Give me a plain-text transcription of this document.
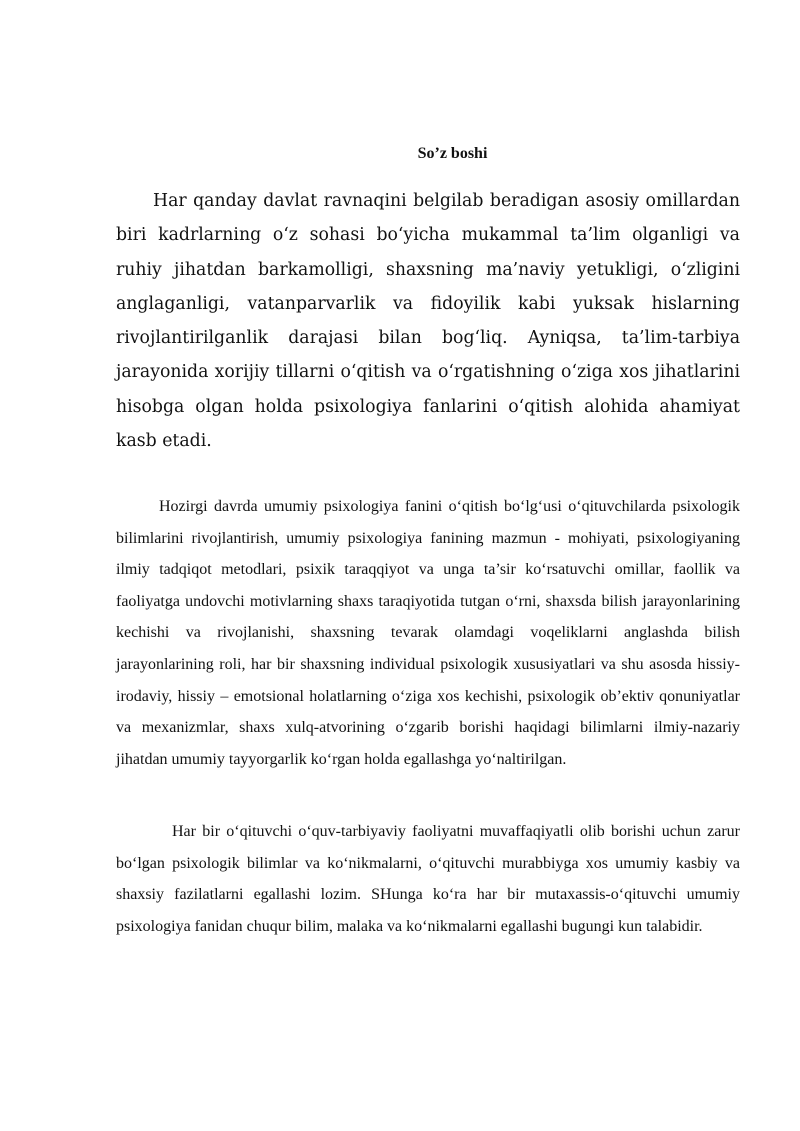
So’z boshi

Har qanday davlat ravnaqini belgilab beradigan asosiy omillardan biri kadrlarning o‘z sohasi bo‘yicha mukammal ta’lim olganligi va ruhiy jihatdan barkamolligi, shaxsning ma’naviy yetukligi, o‘zligini anglaganligi, vatanparvarlik va fidoyilik kabi yuksak hislarning rivojlantirilganlik darajasi bilan bog‘liq. Ayniqsa, ta’lim-tarbiya jarayonida xorijiy tillarni o‘qitish va o‘rgatishning o‘ziga xos jihatlarini hisobga olgan holda psixologiya fanlarini o‘qitish alohida ahamiyat kasb etadi.

Hozirgi davrda umumiy psixologiya fanini o‘qitish bo‘lg‘usi o‘qituvchilarda psixologik bilimlarini rivojlantirish, umumiy psixologiya fanining mazmun - mohiyati, psixologiyaning ilmiy tadqiqot metodlari, psixik taraqqiyot va unga ta’sir ko‘rsatuvchi omillar, faollik va faoliyatga undovchi motivlarning shaxs taraqiyotida tutgan o‘rni, shaxsda bilish jarayonlarining kechishi va rivojlanishi, shaxsning tevarak olamdagi voqeliklarni anglashda bilish jarayonlarining roli, har bir shaxsning individual psixologik xususiyatlari va shu asosda hissiy-irodaviy, hissiy – emotsional holatlarning o‘ziga xos kechishi, psixologik ob’ektiv qonuniyatlar va mexanizmlar, shaxs xulq-atvorining o‘zgarib borishi haqidagi bilimlarni ilmiy-nazariy jihatdan umumiy tayyorgarlik ko‘rgan holda egallashga yo‘naltirilgan.

Har bir o‘qituvchi o‘quv-tarbiyaviy faoliyatni muvaffaqiyatli olib borishi uchun zarur bo‘lgan psixologik bilimlar va ko‘nikmalarni, o‘qituvchi murabbiyga xos umumiy kasbiy va shaxsiy fazilatlarni egallashi lozim. SHunga ko‘ra har bir mutaxassis-o‘qituvchi umumiy psixologiya fanidan chuqur bilim, malaka va ko‘nikmalarni egallashi bugungi kun talabidir.
